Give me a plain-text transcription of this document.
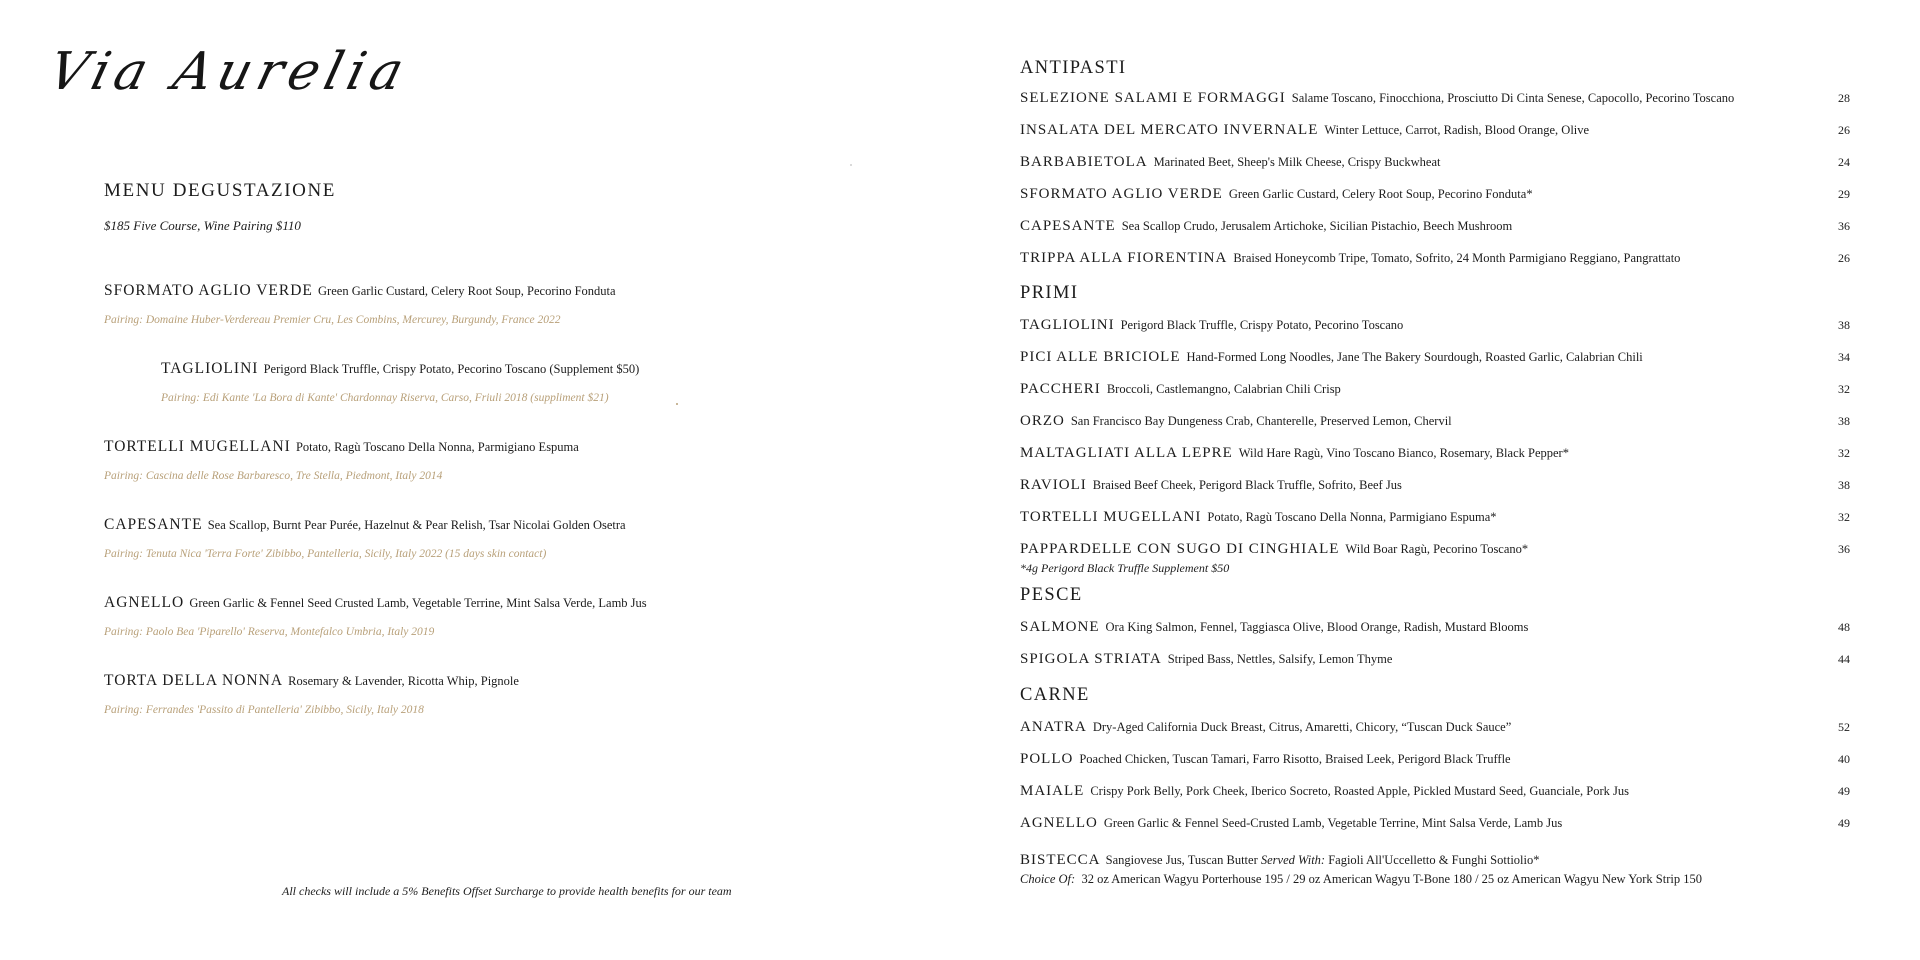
Via Aurelia
MENU DEGUSTAZIONE
$185 Five Course, Wine Pairing $110
SFORMATO AGLIO VERDE Green Garlic Custard, Celery Root Soup, Pecorino Fonduta
Pairing: Domaine Huber-Verdereau Premier Cru, Les Combins, Mercurey, Burgundy, France 2022
TAGLIOLINI Perigord Black Truffle, Crispy Potato, Pecorino Toscano (Supplement $50)
Pairing: Edi Kante 'La Bora di Kante' Chardonnay Riserva, Carso, Friuli 2018 (suppliment $21)
TORTELLI MUGELLANI Potato, Ragù Toscano Della Nonna, Parmigiano Espuma
Pairing: Cascina delle Rose Barbaresco, Tre Stella, Piedmont, Italy 2014
CAPESANTE Sea Scallop, Burnt Pear Purée, Hazelnut & Pear Relish, Tsar Nicolai Golden Osetra
Pairing: Tenuta Nica 'Terra Forte' Zibibbo, Pantelleria, Sicily, Italy 2022 (15 days skin contact)
AGNELLO Green Garlic & Fennel Seed Crusted Lamb, Vegetable Terrine, Mint Salsa Verde, Lamb Jus
Pairing: Paolo Bea 'Piparello' Reserva, Montefalco Umbria, Italy 2019
TORTA DELLA NONNA Rosemary & Lavender, Ricotta Whip, Pignole
Pairing: Ferrandes 'Passito di Pantelleria' Zibibbo, Sicily, Italy 2018
All checks will include a 5% Benefits Offset Surcharge to provide health benefits for our team
ANTIPASTI
SELEZIONE SALAMI E FORMAGGI Salame Toscano, Finocchiona, Prosciutto Di Cinta Senese, Capocollo, Pecorino Toscano	28
INSALATA DEL MERCATO INVERNALE Winter Lettuce, Carrot, Radish, Blood Orange, Olive	26
BARBABIETOLA Marinated Beet, Sheep's Milk Cheese, Crispy Buckwheat	24
SFORMATO AGLIO VERDE Green Garlic Custard, Celery Root Soup, Pecorino Fonduta*	29
CAPESANTE Sea Scallop Crudo, Jerusalem Artichoke, Sicilian Pistachio, Beech Mushroom	36
TRIPPA ALLA FIORENTINA Braised Honeycomb Tripe, Tomato, Sofrito, 24 Month Parmigiano Reggiano, Pangrattato	26
PRIMI
TAGLIOLINI Perigord Black Truffle, Crispy Potato, Pecorino Toscano	38
PICI ALLE BRICIOLE Hand-Formed Long Noodles, Jane The Bakery Sourdough, Roasted Garlic, Calabrian Chili	34
PACCHERI Broccoli, Castlemangno, Calabrian Chili Crisp	32
ORZO San Francisco Bay Dungeness Crab, Chanterelle, Preserved Lemon, Chervil	38
MALTAGLIATI ALLA LEPRE Wild Hare Ragù, Vino Toscano Bianco, Rosemary, Black Pepper*	32
RAVIOLI Braised Beef Cheek, Perigord Black Truffle, Sofrito, Beef Jus	38
TORTELLI MUGELLANI Potato, Ragù Toscano Della Nonna, Parmigiano Espuma*	32
PAPPARDELLE CON SUGO DI CINGHIALE Wild Boar Ragù, Pecorino Toscano*	36
*4g Perigord Black Truffle Supplement $50
PESCE
SALMONE Ora King Salmon, Fennel, Taggiasca Olive, Blood Orange, Radish, Mustard Blooms	48
SPIGOLA STRIATA Striped Bass, Nettles, Salsify, Lemon Thyme	44
CARNE
ANATRA Dry-Aged California Duck Breast, Citrus, Amaretti, Chicory, “Tuscan Duck Sauce”	52
POLLO Poached Chicken, Tuscan Tamari, Farro Risotto, Braised Leek, Perigord Black Truffle	40
MAIALE Crispy Pork Belly, Pork Cheek, Iberico Socreto, Roasted Apple, Pickled Mustard Seed, Guanciale, Pork Jus	49
AGNELLO Green Garlic & Fennel Seed-Crusted Lamb, Vegetable Terrine, Mint Salsa Verde, Lamb Jus	49
BISTECCA Sangiovese Jus, Tuscan Butter Served With: Fagioli All'Uccelletto & Funghi Sottiolio*
Choice Of: 32 oz American Wagyu Porterhouse 195 / 29 oz American Wagyu T-Bone 180 / 25 oz American Wagyu New York Strip 150
